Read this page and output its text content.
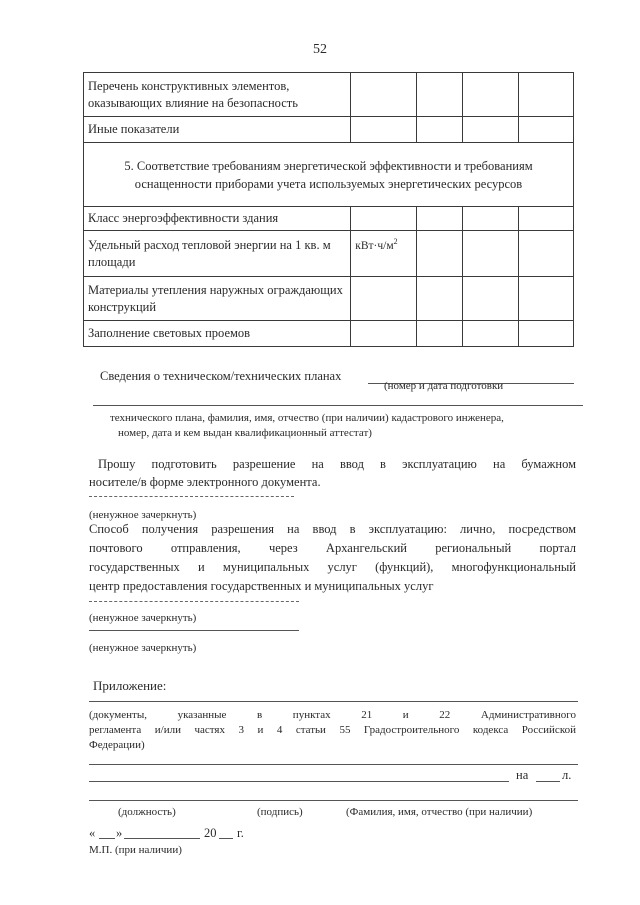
52
Перечень конструктивных элементов, оказывающих влияние на безопасность				
Иные показатели				
5. Соответствие требованиям энергетической эффективности и требованиям оснащенности приборами учета используемых энергетических ресурсов				
Класс энергоэффективности здания				
Удельный расход тепловой энергии на 1 кв. м площади	$кВт\cdot ч/м^2$			
Материалы утепления наружных ограждающих конструкций				
Заполнение световых проемов				
Сведения о техническом/технических планах
(номер и дата подготовки
технического плана, фамилия, имя, отчество (при наличии) кадастрового инженера,
номер, дата и кем выдан квалификационный аттестат)
Прошу подготовить разрешение на ввод в эксплуатацию на бумажном
носителе/в форме электронного документа.
(ненужное зачеркнуть)
Способ получения разрешения на ввод в эксплуатацию: лично, посредством
почтового отправления, через Архангельский региональный портал
государственных и муниципальных услуг (функций), многофункциональный
центр предоставления государственных и муниципальных услуг
(ненужное зачеркнуть)
(ненужное зачеркнуть)
Приложение:
(документы, указанные в пунктах 21 и 22 Административного
регламента и/или частях 3 и 4 статьи 55 Градостроительного кодекса Российской
Федерации)
на	л.
(должность)	(подпись)	(Фамилия, имя, отчество (при наличии)
« »	20 г.
М.П. (при наличии)
